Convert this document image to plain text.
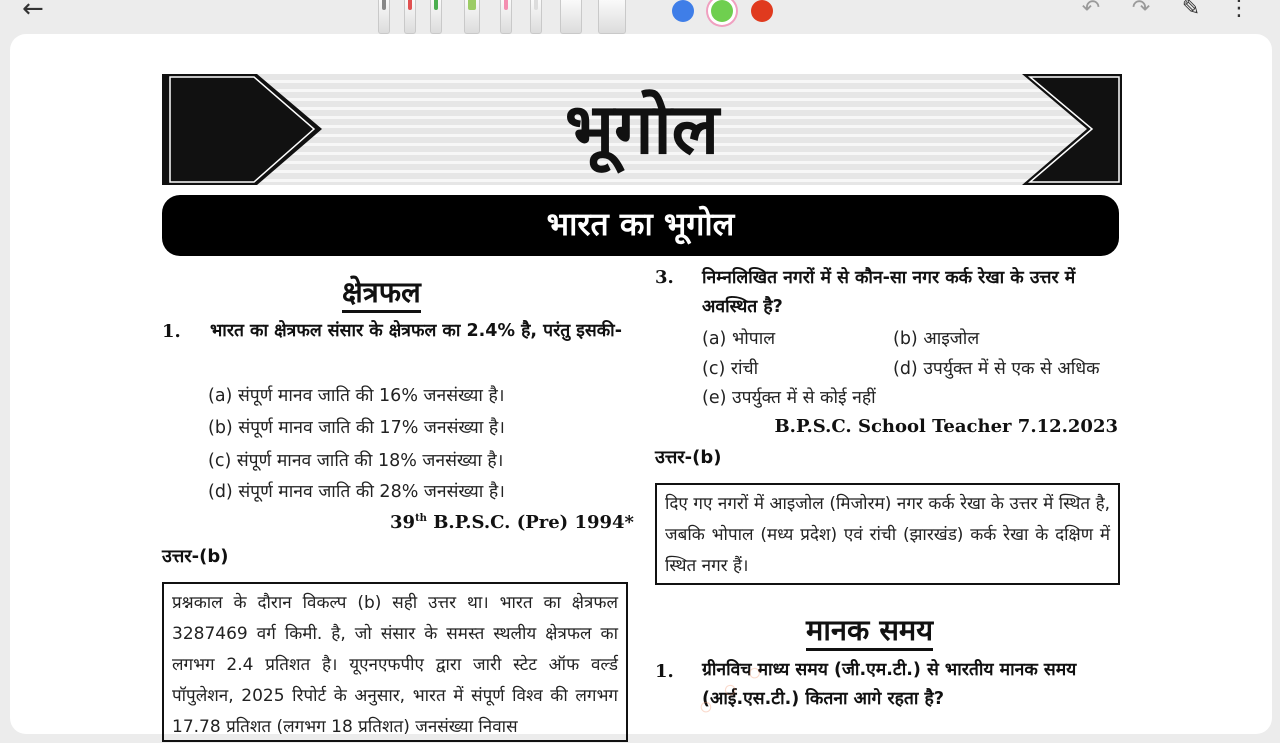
←	↶ ↷ ✎ ⋮
भूगोल
भारत का भूगोल
क्षेत्रफल
1. भारत का क्षेत्रफल संसार के क्षेत्रफल का 2.4% है, परंतु इसकी-
(a) संपूर्ण मानव जाति की 16% जनसंख्या है।
(b) संपूर्ण मानव जाति की 17% जनसंख्या है।
(c) संपूर्ण मानव जाति की 18% जनसंख्या है।
(d) संपूर्ण मानव जाति की 28% जनसंख्या है।
39th B.P.S.C. (Pre) 1994*
उत्तर-(b)
प्रश्नकाल के दौरान विकल्प (b) सही उत्तर था। भारत का क्षेत्रफल 3287469 वर्ग किमी. है, जो संसार के समस्त स्थलीय क्षेत्रफल का लगभग 2.4 प्रतिशत है। यूएनएफपीए द्वारा जारी स्टेट ऑफ वर्ल्ड पॉपुलेशन, 2025 रिपोर्ट के अनुसार, भारत में संपूर्ण विश्व की लगभग 17.78 प्रतिशत (लगभग 18 प्रतिशत) जनसंख्या निवास
3. निम्नलिखित नगरों में से कौन-सा नगर कर्क रेखा के उत्तर में अवस्थित है?
(a) भोपाल	(b) आइजोल
(c) रांची	(d) उपर्युक्त में से एक से अधिक
(e) उपर्युक्त में से कोई नहीं
B.P.S.C. School Teacher 7.12.2023
उत्तर-(b)
दिए गए नगरों में आइजोल (मिजोरम) नगर कर्क रेखा के उत्तर में स्थित है, जबकि भोपाल (मध्य प्रदेश) एवं रांची (झारखंड) कर्क रेखा के दक्षिण में स्थित नगर हैं।
मानक समय
1. ग्रीनविच माध्य समय (जी.एम.टी.) से भारतीय मानक समय (आई.एस.टी.) कितना आगे रहता है?
◦ ◦ ◦
